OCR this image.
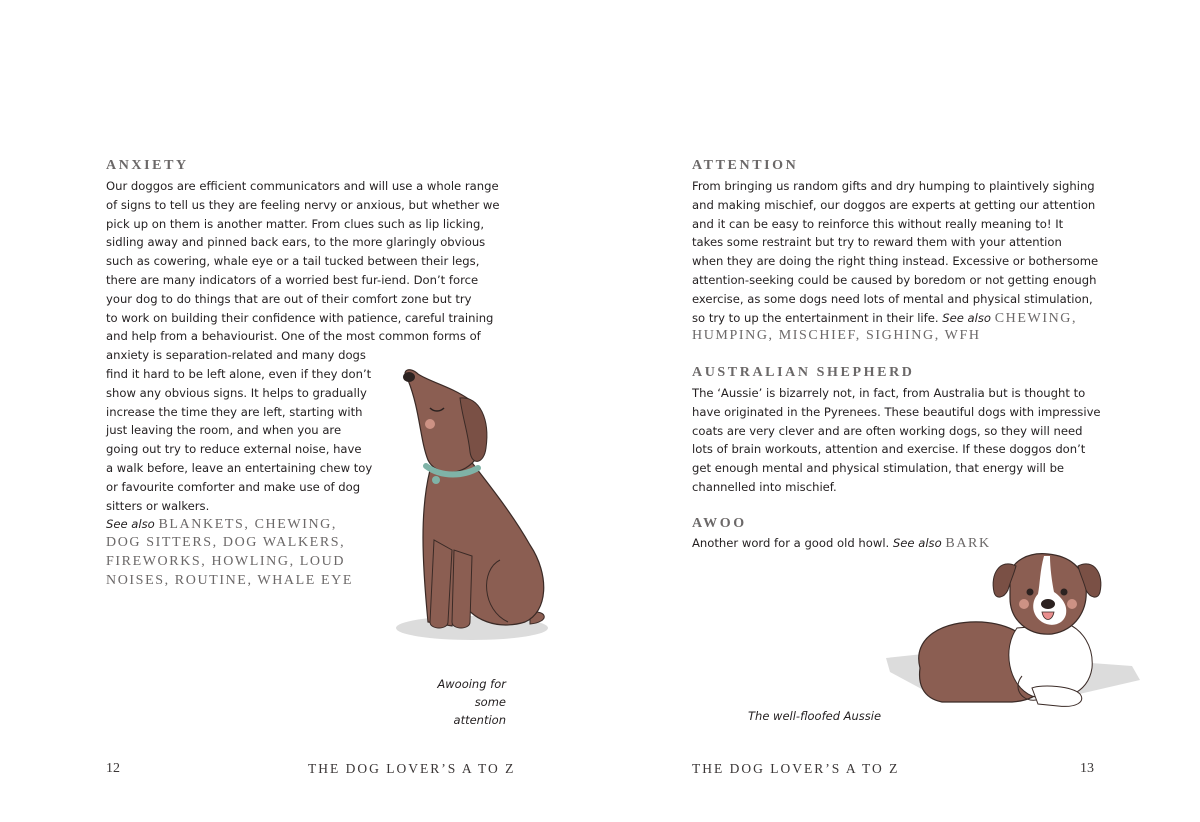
ANXIETY
Our doggos are efficient communicators and will use a whole range
of signs to tell us they are feeling nervy or anxious, but whether we
pick up on them is another matter. From clues such as lip licking,
sidling away and pinned back ears, to the more glaringly obvious
such as cowering, whale eye or a tail tucked between their legs,
there are many indicators of a worried best fur-iend. Don’t force
your dog to do things that are out of their comfort zone but try
to work on building their confidence with patience, careful training
and help from a behaviourist. One of the most common forms of
anxiety is separation-related and many dogs
find it hard to be left alone, even if they don’t
show any obvious signs. It helps to gradually
increase the time they are left, starting with
just leaving the room, and when you are
going out try to reduce external noise, have
a walk before, leave an entertaining chew toy
or favourite comforter and make use of dog
sitters or walkers.
See also BLANKETS, CHEWING,
DOG SITTERS, DOG WALKERS,
FIREWORKS, HOWLING, LOUD
NOISES, ROUTINE, WHALE EYE
Awooing for
some attention
12	THE DOG LOVER’S A TO Z
ATTENTION
From bringing us random gifts and dry humping to plaintively sighing
and making mischief, our doggos are experts at getting our attention
and it can be easy to reinforce this without really meaning to! It
takes some restraint but try to reward them with your attention
when they are doing the right thing instead. Excessive or bothersome
attention-seeking could be caused by boredom or not getting enough
exercise, as some dogs need lots of mental and physical stimulation,
so try to up the entertainment in their life. See also CHEWING,
HUMPING, MISCHIEF, SIGHING, WFH
AUSTRALIAN SHEPHERD
The ‘Aussie’ is bizarrely not, in fact, from Australia but is thought to
have originated in the Pyrenees. These beautiful dogs with impressive
coats are very clever and are often working dogs, so they will need
lots of brain workouts, attention and exercise. If these doggos don’t
get enough mental and physical stimulation, that energy will be
channelled into mischief.
AWOO
Another word for a good old howl. See also BARK
The well-floofed Aussie
THE DOG LOVER’S A TO Z	13
